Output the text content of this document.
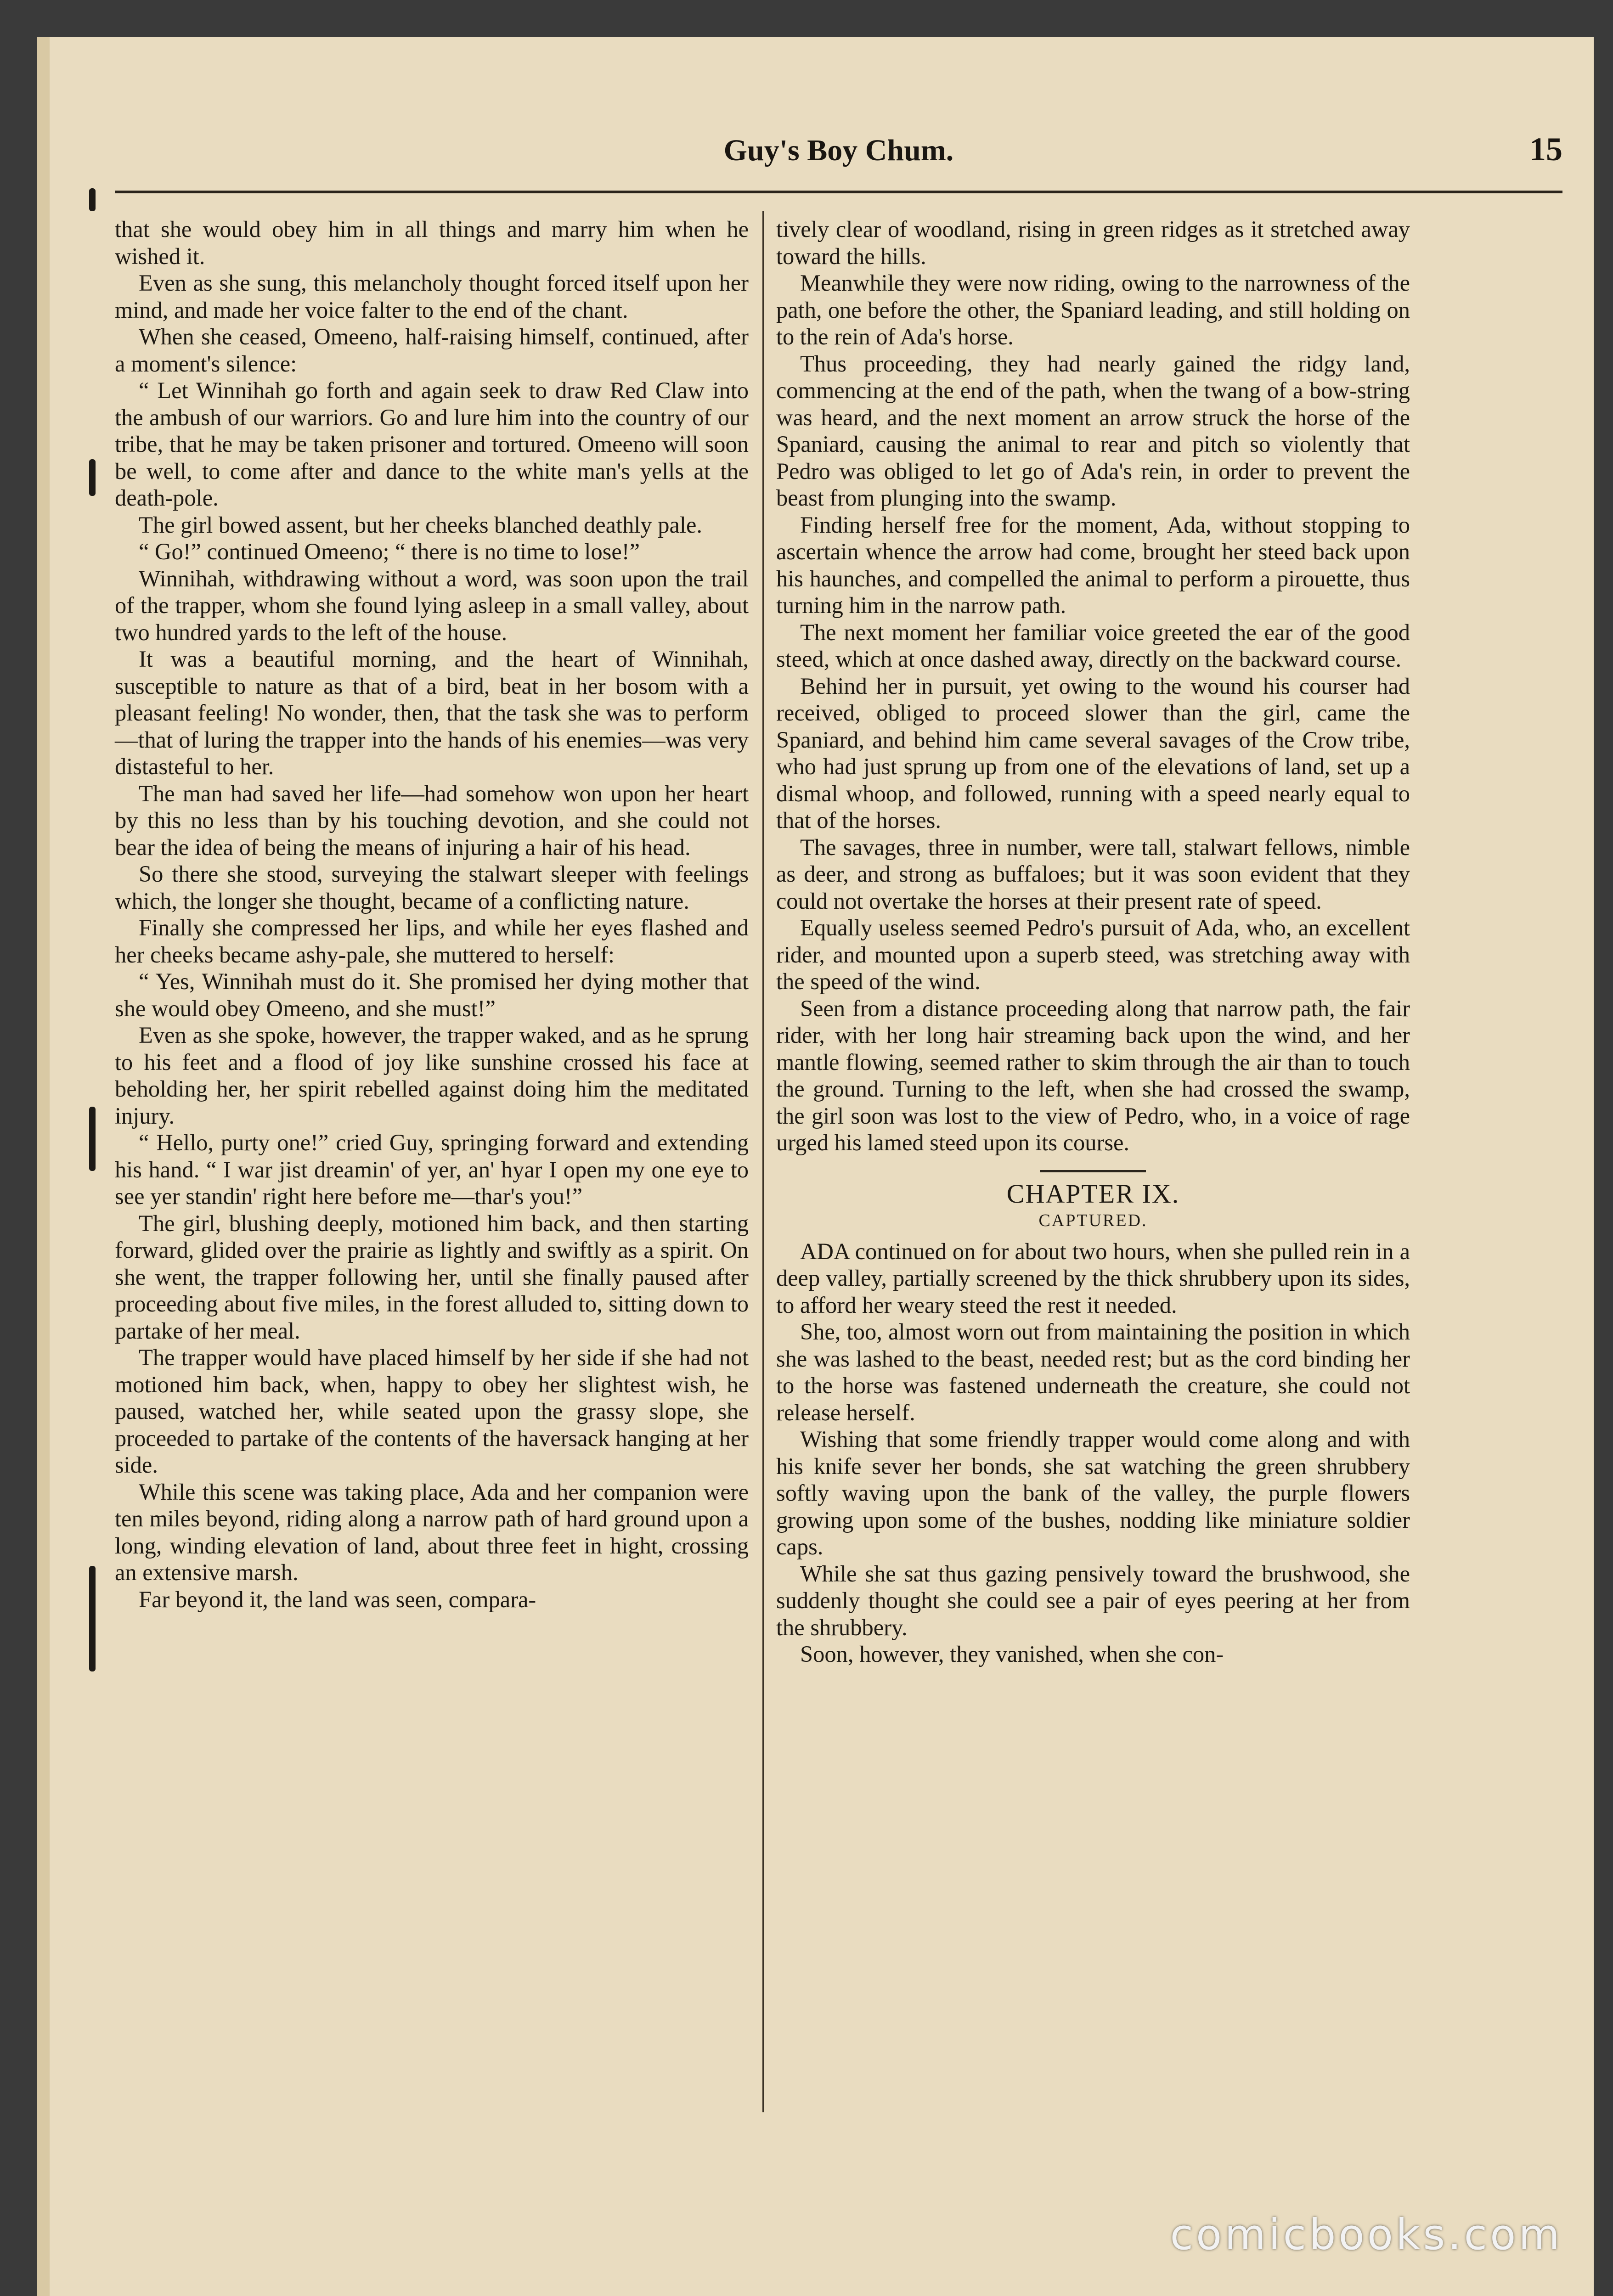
Guy's Boy Chum.	15

that she would obey him in all things and marry him when he wished it.

Even as she sung, this melancholy thought forced itself upon her mind, and made her voice falter to the end of the chant.

When she ceased, Omeeno, half-raising himself, continued, after a moment's silence:

“ Let Winnihah go forth and again seek to draw Red Claw into the ambush of our warriors. Go and lure him into the country of our tribe, that he may be taken prisoner and tortured. Omeeno will soon be well, to come after and dance to the white man's yells at the death-pole.

The girl bowed assent, but her cheeks blanched deathly pale.

“ Go!” continued Omeeno; “ there is no time to lose!”

Winnihah, withdrawing without a word, was soon upon the trail of the trapper, whom she found lying asleep in a small valley, about two hundred yards to the left of the house.

It was a beautiful morning, and the heart of Winnihah, susceptible to nature as that of a bird, beat in her bosom with a pleasant feeling! No wonder, then, that the task she was to perform—that of luring the trapper into the hands of his enemies—was very distasteful to her.

The man had saved her life—had somehow won upon her heart by this no less than by his touching devotion, and she could not bear the idea of being the means of injuring a hair of his head.

So there she stood, surveying the stalwart sleeper with feelings which, the longer she thought, became of a conflicting nature.

Finally she compressed her lips, and while her eyes flashed and her cheeks became ashy-pale, she muttered to herself:

“ Yes, Winnihah must do it. She promised her dying mother that she would obey Omeeno, and she must!”

Even as she spoke, however, the trapper waked, and as he sprung to his feet and a flood of joy like sunshine crossed his face at beholding her, her spirit rebelled against doing him the meditated injury.

“ Hello, purty one!” cried Guy, springing forward and extending his hand. “ I war jist dreamin' of yer, an' hyar I open my one eye to see yer standin' right here before me—thar's you!”

The girl, blushing deeply, motioned him back, and then starting forward, glided over the prairie as lightly and swiftly as a spirit. On she went, the trapper following her, until she finally paused after proceeding about five miles, in the forest alluded to, sitting down to partake of her meal.

The trapper would have placed himself by her side if she had not motioned him back, when, happy to obey her slightest wish, he paused, watched her, while seated upon the grassy slope, she proceeded to partake of the contents of the haversack hanging at her side.

While this scene was taking place, Ada and her companion were ten miles beyond, riding along a narrow path of hard ground upon a long, winding elevation of land, about three feet in hight, crossing an extensive marsh.

Far beyond it, the land was seen, compara-

tively clear of woodland, rising in green ridges as it stretched away toward the hills.

Meanwhile they were now riding, owing to the narrowness of the path, one before the other, the Spaniard leading, and still holding on to the rein of Ada's horse.

Thus proceeding, they had nearly gained the ridgy land, commencing at the end of the path, when the twang of a bow-string was heard, and the next moment an arrow struck the horse of the Spaniard, causing the animal to rear and pitch so violently that Pedro was obliged to let go of Ada's rein, in order to prevent the beast from plunging into the swamp.

Finding herself free for the moment, Ada, without stopping to ascertain whence the arrow had come, brought her steed back upon his haunches, and compelled the animal to perform a pirouette, thus turning him in the narrow path.

The next moment her familiar voice greeted the ear of the good steed, which at once dashed away, directly on the backward course.

Behind her in pursuit, yet owing to the wound his courser had received, obliged to proceed slower than the girl, came the Spaniard, and behind him came several savages of the Crow tribe, who had just sprung up from one of the elevations of land, set up a dismal whoop, and followed, running with a speed nearly equal to that of the horses.

The savages, three in number, were tall, stalwart fellows, nimble as deer, and strong as buffaloes; but it was soon evident that they could not overtake the horses at their present rate of speed.

Equally useless seemed Pedro's pursuit of Ada, who, an excellent rider, and mounted upon a superb steed, was stretching away with the speed of the wind.

Seen from a distance proceeding along that narrow path, the fair rider, with her long hair streaming back upon the wind, and her mantle flowing, seemed rather to skim through the air than to touch the ground. Turning to the left, when she had crossed the swamp, the girl soon was lost to the view of Pedro, who, in a voice of rage urged his lamed steed upon its course.

CHAPTER IX.
CAPTURED.

ADA continued on for about two hours, when she pulled rein in a deep valley, partially screened by the thick shrubbery upon its sides, to afford her weary steed the rest it needed.

She, too, almost worn out from maintaining the position in which she was lashed to the beast, needed rest; but as the cord binding her to the horse was fastened underneath the creature, she could not release herself.

Wishing that some friendly trapper would come along and with his knife sever her bonds, she sat watching the green shrubbery softly waving upon the bank of the valley, the purple flowers growing upon some of the bushes, nodding like miniature soldier caps.

While she sat thus gazing pensively toward the brushwood, she suddenly thought she could see a pair of eyes peering at her from the shrubbery.

Soon, however, they vanished, when she con-

comicbooks.com
